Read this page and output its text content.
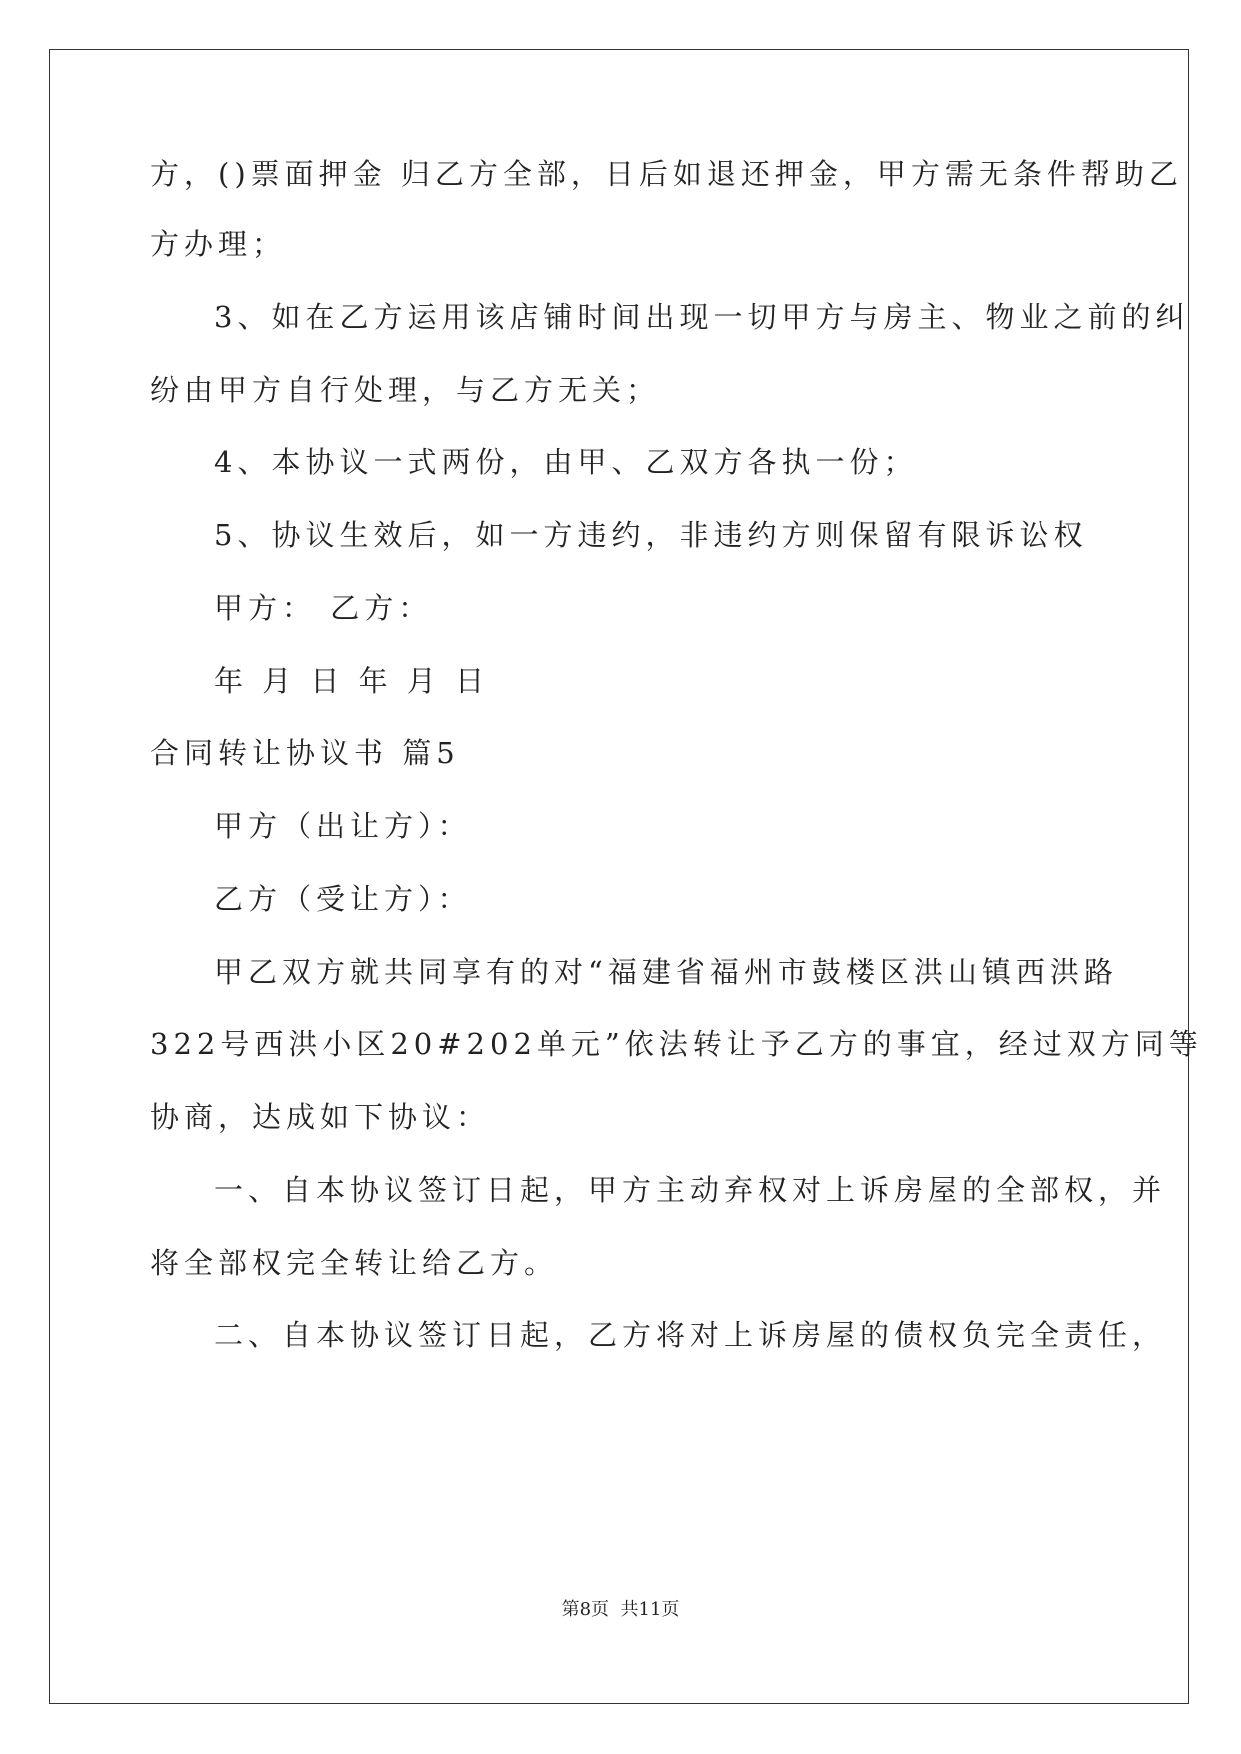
方，()票面押金 归乙方全部，日后如退还押金，甲方需无条件帮助乙
方办理；
3、如在乙方运用该店铺时间出现一切甲方与房主、物业之前的纠
纷由甲方自行处理，与乙方无关；
4、本协议一式两份，由甲、乙双方各执一份；
5、协议生效后，如一方违约，非违约方则保留有限诉讼权
甲方： 乙方：
年 月 日 年 月 日
合同转让协议书 篇5
甲方（出让方）：
乙方（受让方）：
甲乙双方就共同享有的对“福建省福州市鼓楼区洪山镇西洪路
322号西洪小区20#202单元”依法转让予乙方的事宜，经过双方同等
协商，达成如下协议：
一、自本协议签订日起，甲方主动弃权对上诉房屋的全部权，并
将全部权完全转让给乙方。
二、自本协议签订日起，乙方将对上诉房屋的债权负完全责任，
第8页  共11页
